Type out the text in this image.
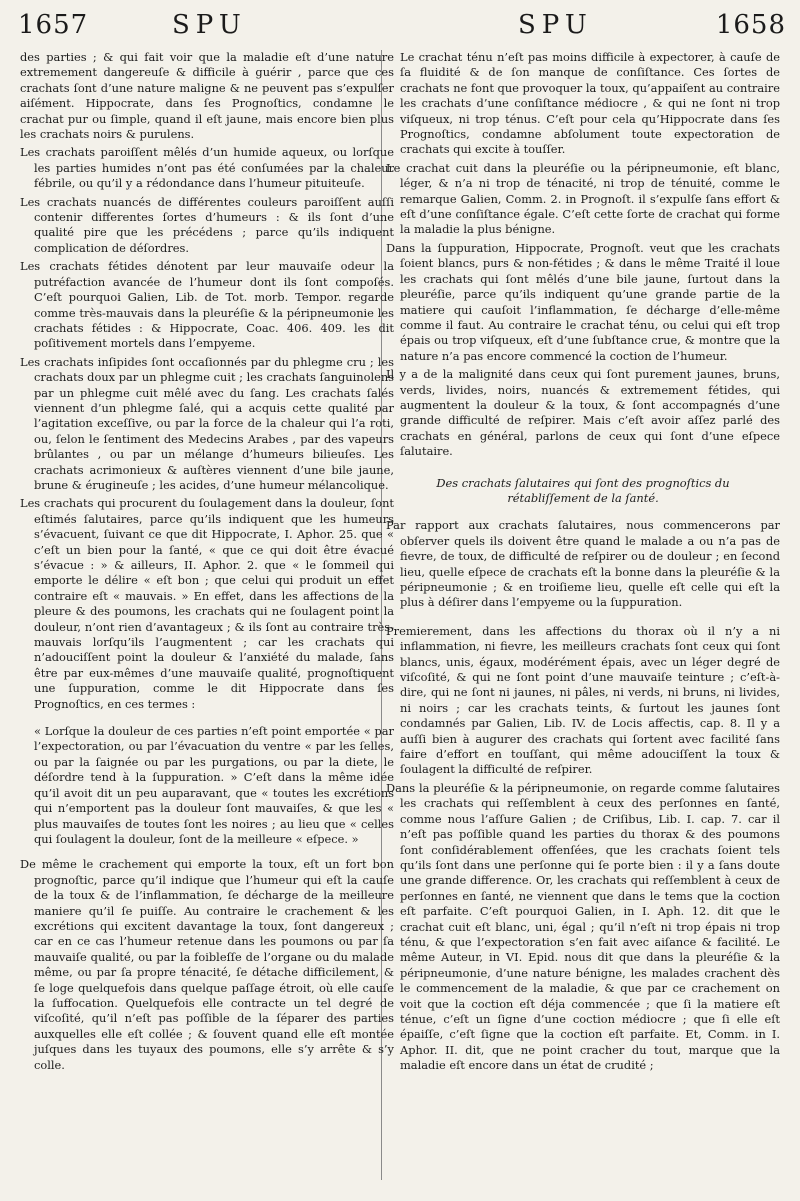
1657	SPU	SPU	1658

des parties ; & qui fait voir que la maladie eſt d’une nature extremement dangereuſe & difficile à guérir , parce que ces crachats ſont d’une nature maligne & ne peuvent pas s’expulſer aiſément. Hippocrate, dans ſes Prognoſtics, condamne le crachat pur ou ſimple, quand il eſt jaune, mais encore bien plus les crachats noirs & purulens.

Les crachats paroiſſent mêlés d’un humide aqueux, ou lorſque les parties humides n’ont pas été conſumées par la chaleur fébrile, ou qu’il y a rédondance dans l’humeur pituiteuſe.

Les crachats nuancés de différentes couleurs paroiſſent auſſi contenir differentes ſortes d’humeurs : & ils ſont d’une qualité pire que les précédens ; parce qu’ils indiquent complication de déſordres.

Les crachats fétides dénotent par leur mauvaiſe odeur la putréfaction avancée de l’humeur dont ils ſont compoſés. C’eſt pourquoi Galien, Lib. de Tot. morb. Tempor. regarde comme très-mauvais dans la pleuréſie & la péripneumonie les crachats fétides : & Hippocrate, Coac. 406. 409. les dit poſitivement mortels dans l’empyeme.

Les crachats inſipides ſont occaſionnés par du phlegme cru ; les crachats doux par un phlegme cuit ; les crachats ſanguinolens par un phlegme cuit mêlé avec du ſang. Les crachats ſalés viennent d’un phlegme ſalé, qui a acquis cette qualité par l’agitation exceſſive, ou par la force de la chaleur qui l’a roti, ou, ſelon le ſentiment des Medecins Arabes , par des vapeurs brûlantes , ou par un mélange d’humeurs bilieuſes. Les crachats acrimonieux & auſtères viennent d’une bile jaune, brune & érugineuſe ; les acides, d’une humeur mélancolique.

Les crachats qui procurent du ſoulagement dans la douleur, ſont eſtimés ſalutaires, parce qu’ils indiquent que les humeurs s’évacuent, ſuivant ce que dit Hippocrate, I. Aphor. 25. que « c’eſt un bien pour la ſanté, « que ce qui doit être évacué s’évacue : » & ailleurs, II. Aphor. 2. que « le ſommeil qui emporte le délire « eſt bon ; que celui qui produit un effet contraire eſt « mauvais. » En effet, dans les affections de la pleure & des poumons, les crachats qui ne ſoulagent point la douleur, n’ont rien d’avantageux ; & ils ſont au contraire très-mauvais lorſqu’ils l’augmentent ; car les crachats qui n’adouciſſent point la douleur & l’anxiété du malade, ſans être par eux-mêmes d’une mauvaiſe qualité, prognoſtiquent une ſuppuration, comme le dit Hippocrate dans ſes Prognoſtics, en ces termes :

« Lorſque la douleur de ces parties n’eſt point emportée « par l’expectoration, ou par l’évacuation du ventre « par les ſelles, ou par la ſaignée ou par les purgations, ou par la diete, le déſordre tend à la ſuppuration. » C’eſt dans la même idée qu’il avoit dit un peu auparavant, que « toutes les excrétions qui n’emportent pas la douleur ſont mauvaiſes, & que les « plus mauvaiſes de toutes ſont les noires ; au lieu que « celles qui ſoulagent la douleur, ſont de la meilleure « eſpece. »

De même le crachement qui emporte la toux, eſt un fort bon prognoſtic, parce qu’il indique que l’humeur qui eſt la cauſe de la toux & de l’inflammation, ſe décharge de la meilleure maniere qu’il ſe puiſſe. Au contraire le crachement & les excrétions qui excitent davantage la toux, ſont dangereux ; car en ce cas l’humeur retenue dans les poumons ou par ſa mauvaiſe qualité, ou par la foibleſſe de l’organe ou du malade même, ou par ſa propre ténacité, ſe détache difficilement, & ſe loge quelquefois dans quelque paſſage étroit, où elle cauſe la ſuffocation. Quelquefois elle contracte un tel degré de viſcoſité, qu’il n’eſt pas poſſible de la ſéparer des parties auxquelles elle eſt collée ; & ſouvent quand elle eſt montée juſques dans les tuyaux des poumons, elle s’y arrête & s’y colle.

Le crachat ténu n’eſt pas moins difficile à expectorer, à cauſe de ſa fluidité & de ſon manque de conſiſtance. Ces ſortes de crachats ne font que provoquer la toux, qu’appaiſent au contraire les crachats d’une conſiſtance médiocre , & qui ne ſont ni trop viſqueux, ni trop ténus. C’eſt pour cela qu’Hippocrate dans ſes Prognoſtics, condamne abſolument toute expectoration de crachats qui excite à touſſer.

Le crachat cuit dans la pleuréſie ou la péripneumonie, eſt blanc, léger, & n’a ni trop de ténacité, ni trop de ténuité, comme le remarque Galien, Comm. 2. in Prognoſt. il s’expulſe ſans effort & eſt d’une conſiſtance égale. C’eſt cette ſorte de crachat qui forme la maladie la plus bénigne.

Dans la ſuppuration, Hippocrate, Prognoſt. veut que les crachats ſoient blancs, purs & non-fétides ; & dans le même Traité il loue les crachats qui ſont mêlés d’une bile jaune, ſurtout dans la pleuréſie, parce qu’ils indiquent qu’une grande partie de la matiere qui cauſoit l’inflammation, ſe décharge d’elle-même comme il faut. Au contraire le crachat ténu, ou celui qui eſt trop épais ou trop viſqueux, eſt d’une ſubſtance crue, & montre que la nature n’a pas encore commencé la coction de l’humeur.

Il y a de la malignité dans ceux qui ſont purement jaunes, bruns, verds, livides, noirs, nuancés & extremement fétides, qui augmentent la douleur & la toux, & ſont accompagnés d’une grande difficulté de reſpirer. Mais c’eſt avoir aſſez parlé des crachats en général, parlons de ceux qui ſont d’une eſpece ſalutaire.

Des crachats ſalutaires qui ſont des prognoſtics du rétabliſſement de la ſanté.

Par rapport aux crachats ſalutaires, nous commencerons par obſerver quels ils doivent être quand le malade a ou n’a pas de fievre, de toux, de difficulté de reſpirer ou de douleur ; en ſecond lieu, quelle eſpece de crachats eſt la bonne dans la pleuréſie & la péripneumonie ; & en troiſieme lieu, quelle eſt celle qui eſt la plus à déſirer dans l’empyeme ou la ſuppuration.

Premierement, dans les affections du thorax où il n’y a ni inflammation, ni fievre, les meilleurs crachats ſont ceux qui ſont blancs, unis, égaux, modérément épais, avec un léger degré de viſcoſité, & qui ne ſont point d’une mauvaiſe teinture ; c’eſt-à-dire, qui ne ſont ni jaunes, ni pâles, ni verds, ni bruns, ni livides, ni noirs ; car les crachats teints, & ſurtout les jaunes ſont condamnés par Galien, Lib. IV. de Locis affectis, cap. 8. Il y a auſſi bien à augurer des crachats qui ſortent avec facilité ſans faire d’effort en touſſant, qui même adouciſſent la toux & ſoulagent la difficulté de reſpirer.

Dans la pleuréſie & la péripneumonie, on regarde comme ſalutaires les crachats qui reſſemblent à ceux des perſonnes en ſanté, comme nous l’aſſure Galien ; de Criſibus, Lib. I. cap. 7. car il n’eſt pas poſſible quand les parties du thorax & des poumons ſont conſidérablement offenſées, que les crachats ſoient tels qu’ils ſont dans une perſonne qui ſe porte bien : il y a ſans doute une grande difference. Or, les crachats qui reſſemblent à ceux de perſonnes en ſanté, ne viennent que dans le tems que la coction eſt parfaite. C’eſt pourquoi Galien, in I. Aph. 12. dit que le crachat cuit eſt blanc, uni, égal ; qu’il n’eſt ni trop épais ni trop ténu, & que l’expectoration s’en fait avec aiſance & facilité. Le même Auteur, in VI. Epid. nous dit que dans la pleuréſie & la péripneumonie, d’une nature bénigne, les malades crachent dès le commencement de la maladie, & que par ce crachement on voit que la coction eſt déja commencée ; que ſi la matiere eſt ténue, c’eſt un ſigne d’une coction médiocre ; que ſi elle eſt épaiſſe, c’eſt ſigne que la coction eſt parfaite. Et, Comm. in I. Aphor. II. dit, que ne point cracher du tout, marque que la maladie eſt encore dans un état de crudité ;
